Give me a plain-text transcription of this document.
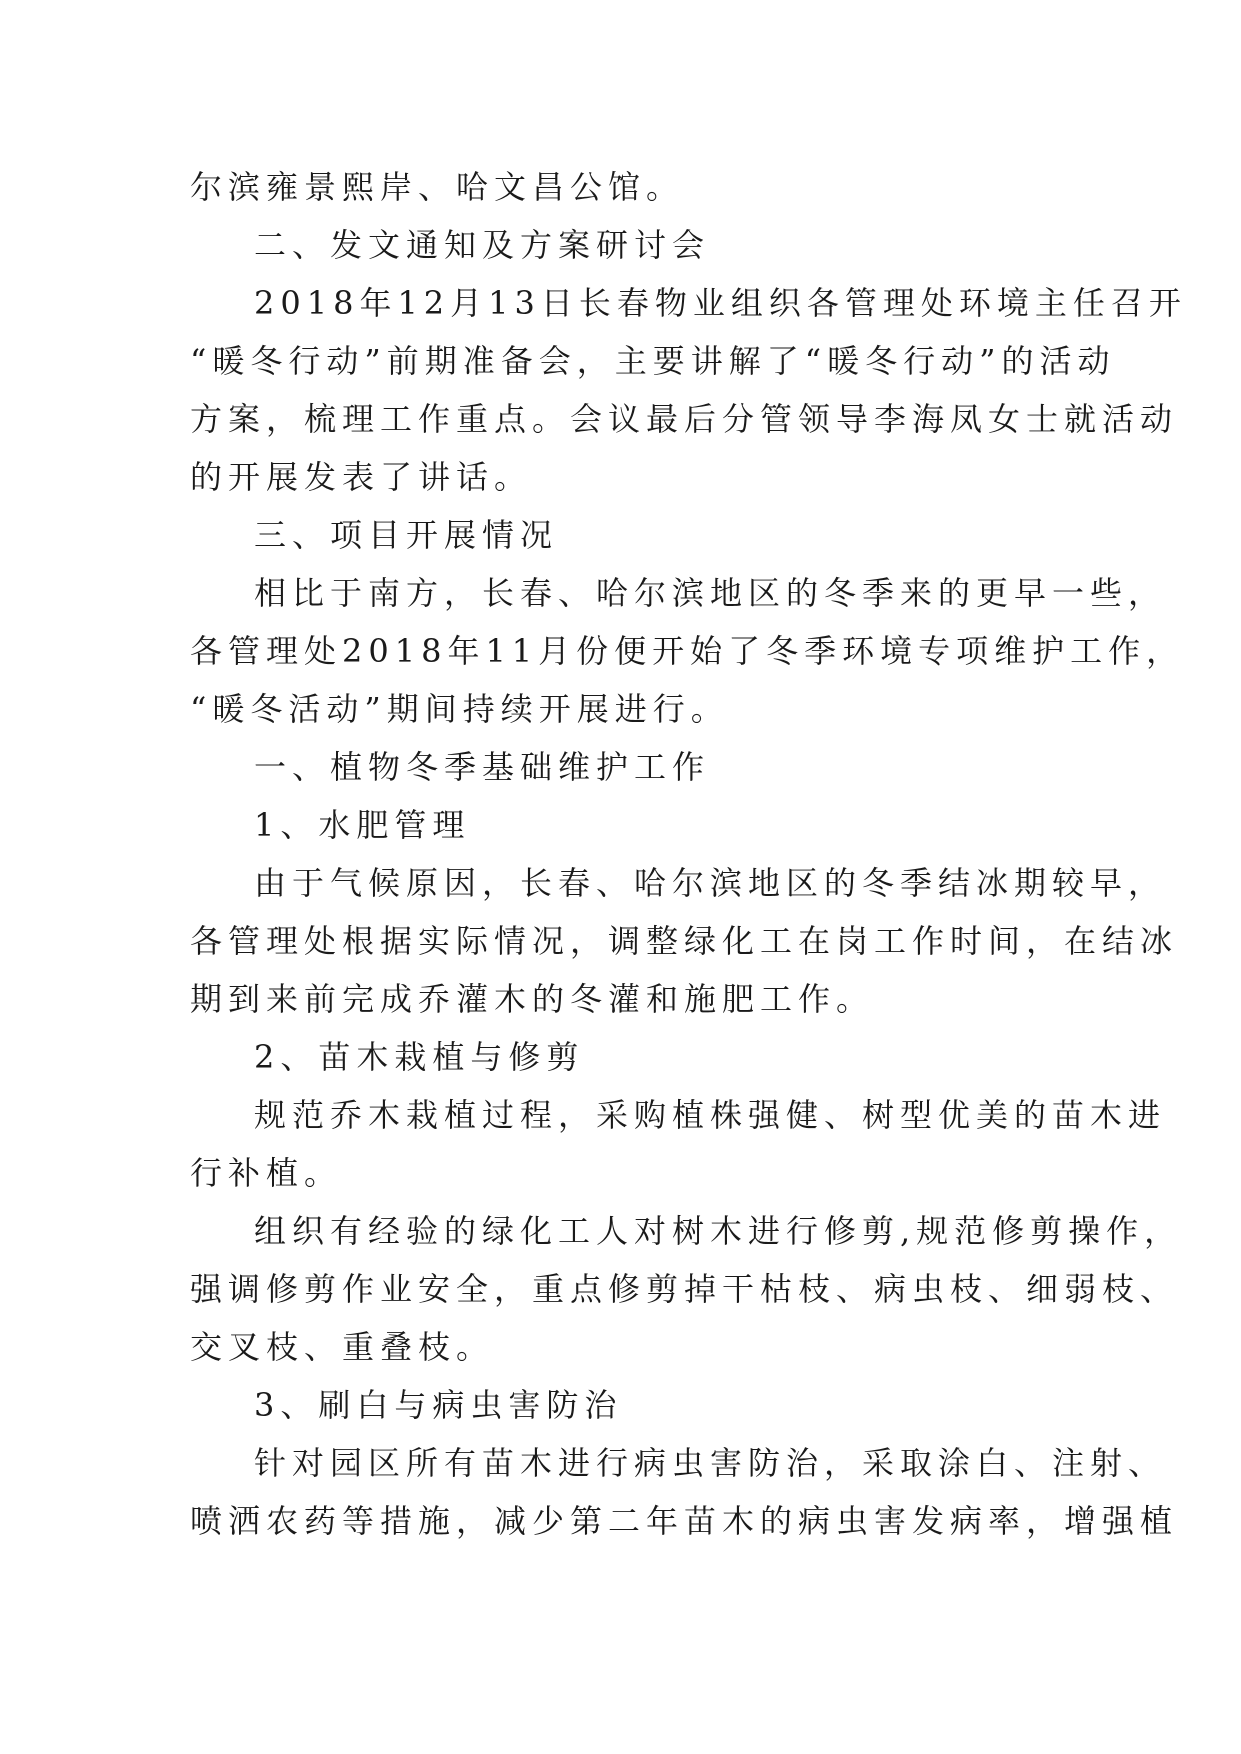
尔滨雍景熙岸、哈文昌公馆。
二、发文通知及方案研讨会
2018年12月13日长春物业组织各管理处环境主任召开
“暖冬行动”前期准备会，主要讲解了“暖冬行动”的活动
方案，梳理工作重点。会议最后分管领导李海凤女士就活动
的开展发表了讲话。
三、项目开展情况
相比于南方，长春、哈尔滨地区的冬季来的更早一些，
各管理处2018年11月份便开始了冬季环境专项维护工作，
“暖冬活动”期间持续开展进行。
一、植物冬季基础维护工作
1、水肥管理
由于气候原因，长春、哈尔滨地区的冬季结冰期较早，
各管理处根据实际情况，调整绿化工在岗工作时间，在结冰
期到来前完成乔灌木的冬灌和施肥工作。
2、苗木栽植与修剪
规范乔木栽植过程，采购植株强健、树型优美的苗木进
行补植。
组织有经验的绿化工人对树木进行修剪,规范修剪操作，
强调修剪作业安全，重点修剪掉干枯枝、病虫枝、细弱枝、
交叉枝、重叠枝。
3、刷白与病虫害防治
针对园区所有苗木进行病虫害防治，采取涂白、注射、
喷洒农药等措施，减少第二年苗木的病虫害发病率，增强植
